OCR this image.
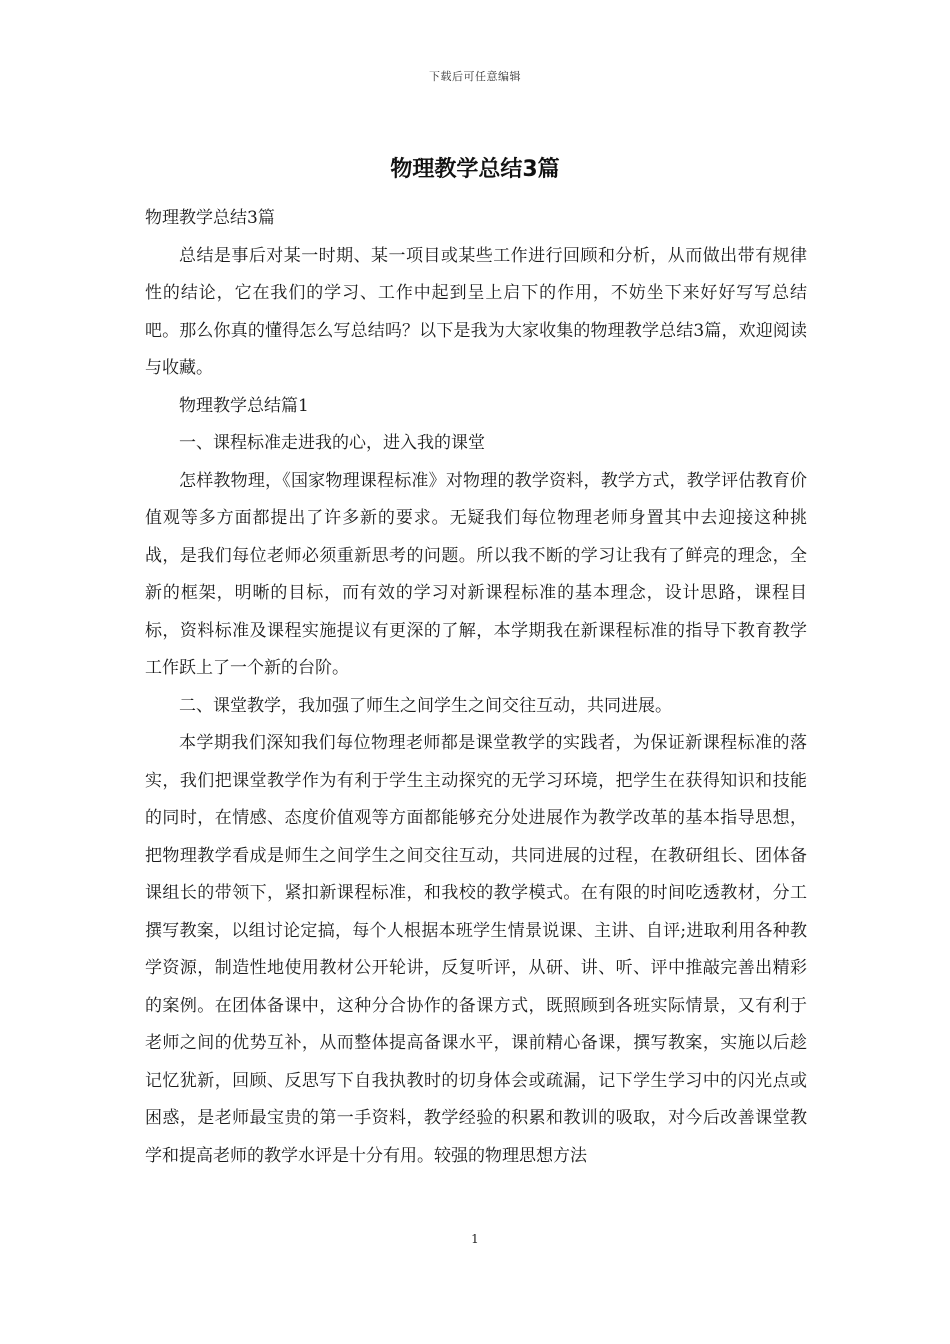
下载后可任意编辑
物理教学总结3篇

物理教学总结3篇

总结是事后对某一时期、某一项目或某些工作进行回顾和分析，从而做出带有规律性的结论，它在我们的学习、工作中起到呈上启下的作用，不妨坐下来好好写写总结吧。那么你真的懂得怎么写总结吗？以下是我为大家收集的物理教学总结3篇，欢迎阅读与收藏。

物理教学总结篇1

一、课程标准走进我的心，进入我的课堂

怎样教物理，《国家物理课程标准》对物理的教学资料，教学方式，教学评估教育价值观等多方面都提出了许多新的要求。无疑我们每位物理老师身置其中去迎接这种挑战，是我们每位老师必须重新思考的问题。所以我不断的学习让我有了鲜亮的理念，全新的框架，明晰的目标，而有效的学习对新课程标准的基本理念，设计思路，课程目标，资料标准及课程实施提议有更深的了解，本学期我在新课程标准的指导下教育教学工作跃上了一个新的台阶。

二、课堂教学，我加强了师生之间学生之间交往互动，共同进展。

本学期我们深知我们每位物理老师都是课堂教学的实践者，为保证新课程标准的落实，我们把课堂教学作为有利于学生主动探究的无学习环境，把学生在获得知识和技能的同时，在情感、态度价值观等方面都能够充分处进展作为教学改革的基本指导思想，把物理教学看成是师生之间学生之间交往互动，共同进展的过程，在教研组长、团体备课组长的带领下，紧扣新课程标准，和我校的教学模式。在有限的时间吃透教材，分工撰写教案，以组讨论定搞，每个人根据本班学生情景说课、主讲、自评;进取利用各种教学资源，制造性地使用教材公开轮讲，反复听评，从研、讲、听、评中推敲完善出精彩的案例。在团体备课中，这种分合协作的备课方式，既照顾到各班实际情景，又有利于老师之间的优势互补，从而整体提高备课水平，课前精心备课，撰写教案，实施以后趁记忆犹新，回顾、反思写下自我执教时的切身体会或疏漏，记下学生学习中的闪光点或困惑，是老师最宝贵的第一手资料，教学经验的积累和教训的吸取，对今后改善课堂教学和提高老师的教学水评是十分有用。较强的物理思想方法

1
